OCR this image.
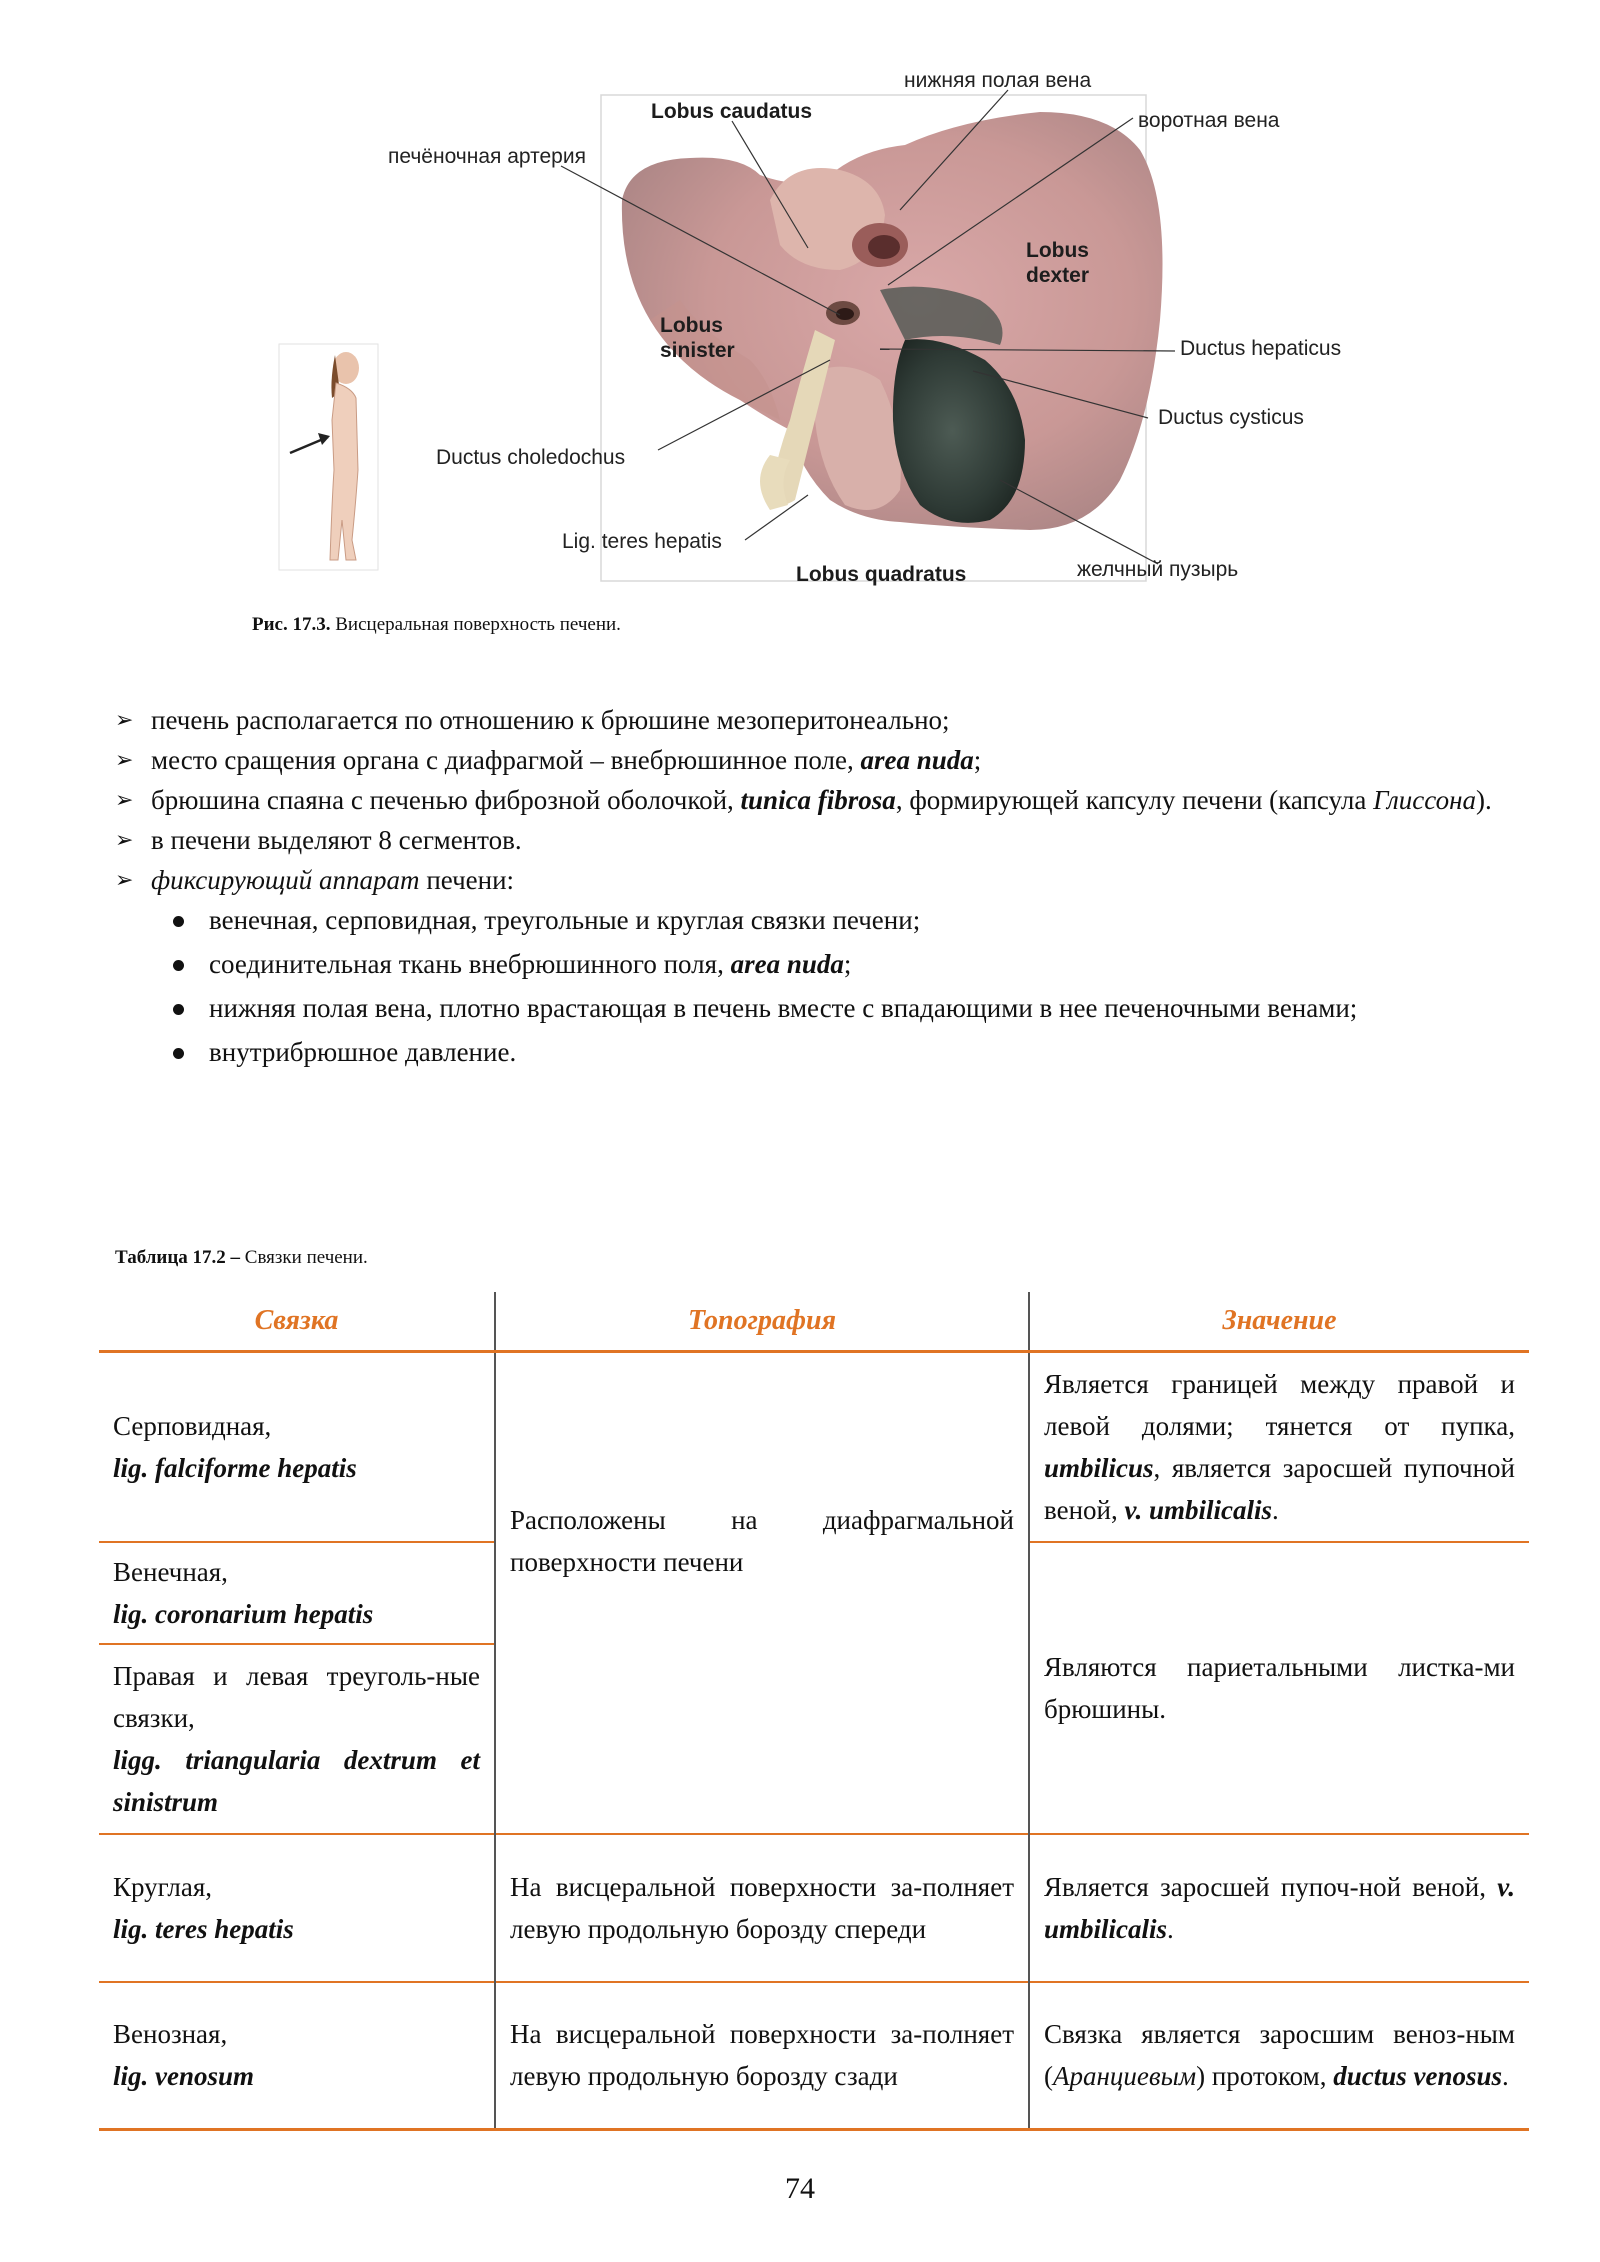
нижняя полая вена
Lobus caudatus	воротная вена
печёночная артерия
Lobus
dexter
Lobus
sinister	Ductus hepaticus
Ductus cysticus
Ductus choledochus
Lig. teres hepatis
Lobus quadratus	желчный пузырь
Рис. 17.3. Висцеральная поверхность печени.
➢ печень располагается по отношению к брюшине мезоперитонеально;
➢ место сращения органа с диафрагмой – внебрюшинное поле, area nuda;
➢ брюшина спаяна с печенью фиброзной оболочкой, tunica fibrosa, формирующей капсулу печени (капсула Глиссона).
➢ в печени выделяют 8 сегментов.
➢ фиксирующий аппарат печени:
венечная, серповидная, треугольные и круглая связки печени;
соединительная ткань внебрюшинного поля, area nuda;
нижняя полая вена, плотно врастающая в печень вместе с впадающими в нее печеночными венами;
внутрибрюшное давление.
Таблица 17.2 – Связки печени.
Связка	Топография	Значение
Серповидная,
lig. falciforme hepatis	Расположены на диафрагмальной поверхности печени	Является границей между правой и левой долями; тянется от пупка, umbilicus, является заросшей пупочной веной, v. umbilicalis.
Венечная,
lig. coronarium hepatis		Являются париетальными листка-ми брюшины.
Правая и левая треуголь-ные связки,
ligg. triangularia dextrum et sinistrum		
Круглая,
lig. teres hepatis	На висцеральной поверхности за-полняет левую продольную борозду спереди	Является заросшей пупоч-ной веной, v. umbilicalis.
Венозная,
lig. venosum	На висцеральной поверхности за-полняет левую продольную борозду сзади	Связка является заросшим веноз-ным (Аранциевым) протоком, ductus venosus.
74
